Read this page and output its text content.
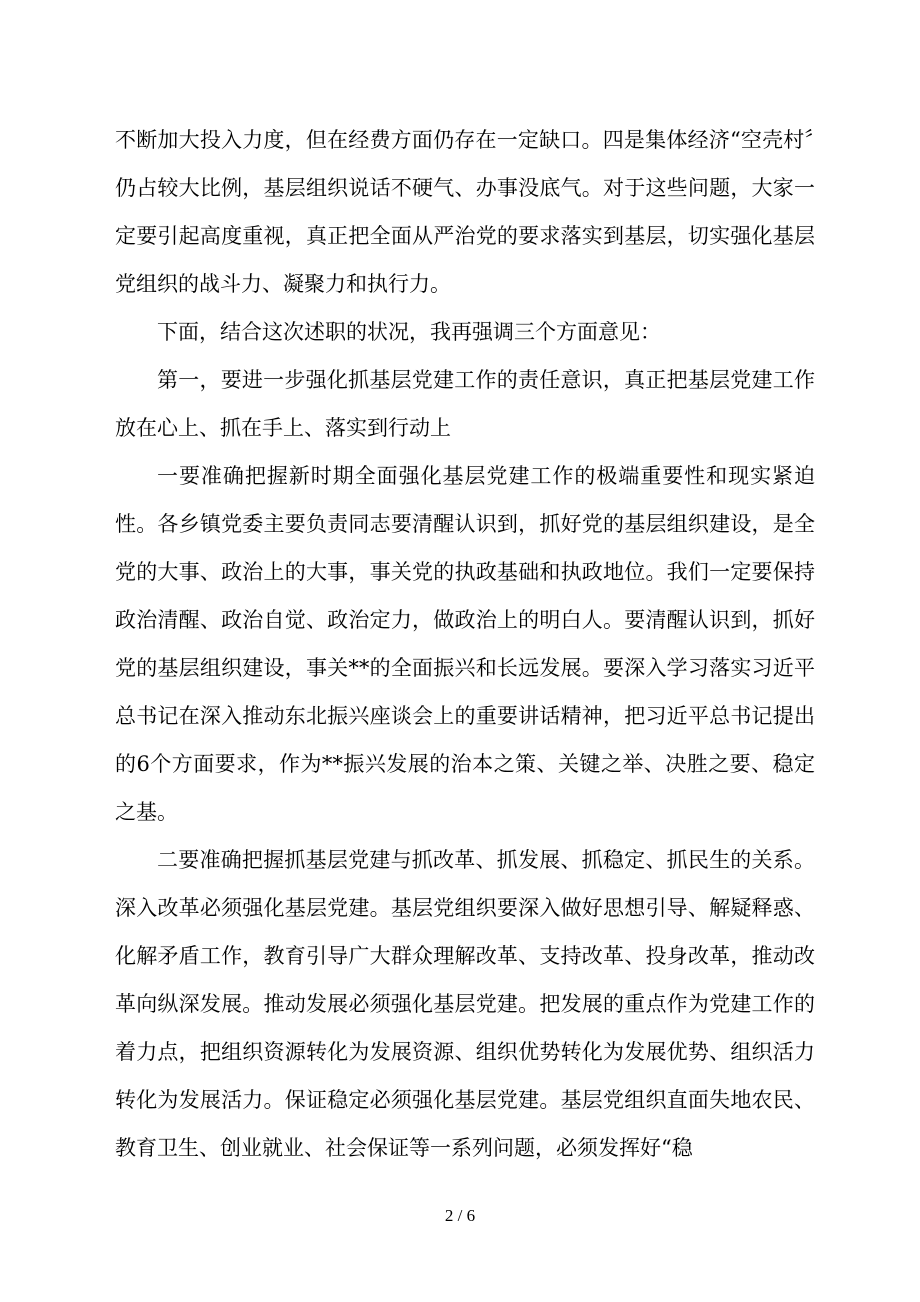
不断加大投入力度，但在经费方面仍存在一定缺口。四是集体经济“空壳村〞仍占较大比例，基层组织说话不硬气、办事没底气。对于这些问题，大家一定要引起高度重视，真正把全面从严治党的要求落实到基层，切实强化基层党组织的战斗力、凝聚力和执行力。

下面，结合这次述职的状况，我再强调三个方面意见：

第一，要进一步强化抓基层党建工作的责任意识，真正把基层党建工作放在心上、抓在手上、落实到行动上

一要准确把握新时期全面强化基层党建工作的极端重要性和现实紧迫性。各乡镇党委主要负责同志要清醒认识到，抓好党的基层组织建设，是全党的大事、政治上的大事，事关党的执政基础和执政地位。我们一定要保持政治清醒、政治自觉、政治定力，做政治上的明白人。要清醒认识到，抓好党的基层组织建设，事关**的全面振兴和长远发展。要深入学习落实习近平总书记在深入推动东北振兴座谈会上的重要讲话精神，把习近平总书记提出的6个方面要求，作为**振兴发展的治本之策、关键之举、决胜之要、稳定之基。

二要准确把握抓基层党建与抓改革、抓发展、抓稳定、抓民生的关系。深入改革必须强化基层党建。基层党组织要深入做好思想引导、解疑释惑、化解矛盾工作，教育引导广大群众理解改革、支持改革、投身改革，推动改革向纵深发展。推动发展必须强化基层党建。把发展的重点作为党建工作的着力点，把组织资源转化为发展资源、组织优势转化为发展优势、组织活力转化为发展活力。保证稳定必须强化基层党建。基层党组织直面失地农民、教育卫生、创业就业、社会保证等一系列问题，必须发挥好“稳

2 / 6
